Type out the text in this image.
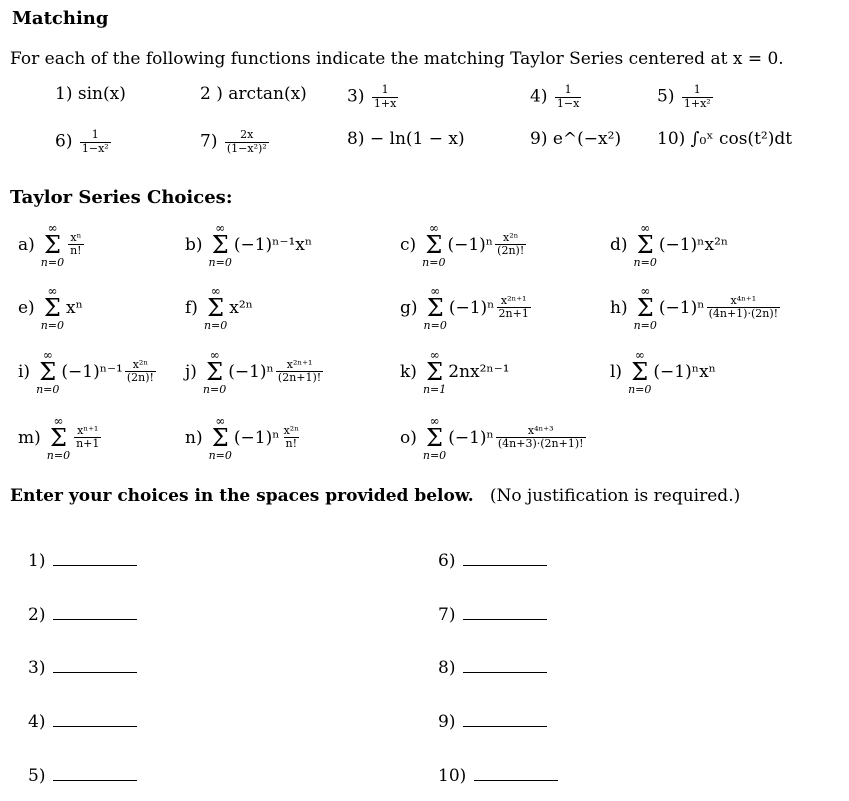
Matching
For each of the following functions indicate the matching Taylor Series centered at x = 0.
1) sin(x)	2 ) arctan(x) $3) \frac{1}{1+x}$	$4) \frac{1}{1-x}$	$5) \frac{1}{\text{1+x²}}$
$6) \frac{1}{\text{1−x²}}$	$7) \frac{2x}{\text{(1−x²)²}}$	8) − ln(1 − x)	9) e^(−x²) 10) ∫₀ˣ cos(t²)dt
Taylor Series Choices:
a)
∞
Σ
n=0
$\frac{\text{xⁿ}}{n!}$	b)
∞
Σ
n=0
(−1)ⁿ⁻¹xⁿ	c)
∞
Σ
n=0
$(-1)^n \frac{\text{x²ⁿ}}{(2n)!}$	d)
∞
Σ
n=0
(−1)ⁿx²ⁿ
e)
∞
Σ
n=0
xⁿ	f)
∞
Σ
n=0
x²ⁿ	g)
∞
Σ
n=0
$(-1)^n \frac{\text{x²ⁿ⁺¹}}{2n+1}$	h)
∞
Σ
n=0
$(-1)^n \frac{\text{x⁴ⁿ⁺¹}}{(4n+1)\cdot(2n)!}$
i)
∞
Σ
n=0
$(-1)^{n-1} \frac{\text{x²ⁿ}}{(2n)!} j$)
∞
Σ
n=0
$(-1)^n \frac{\text{x²ⁿ⁺¹}}{(2n+1)!}$	k)
∞
Σ
n=1
2nx²ⁿ⁻¹	l)
∞
Σ
n=0
(−1)ⁿxⁿ
m)
∞
Σ
n=0
$\frac{\text{xⁿ⁺¹}}{n+1}$	n)
∞
Σ
n=0
$(-1)^n \frac{\text{x²ⁿ}}{n!}$	o)
∞
Σ
n=0
$(-1)^n \frac{\text{x⁴ⁿ⁺³}}{(4n+3)\cdot(2n+1)!}$
Enter your choices in the spaces provided below. (No justification is required.)
1)	6)
2)	7)
3)	8)
4)	9)
5)	10)
